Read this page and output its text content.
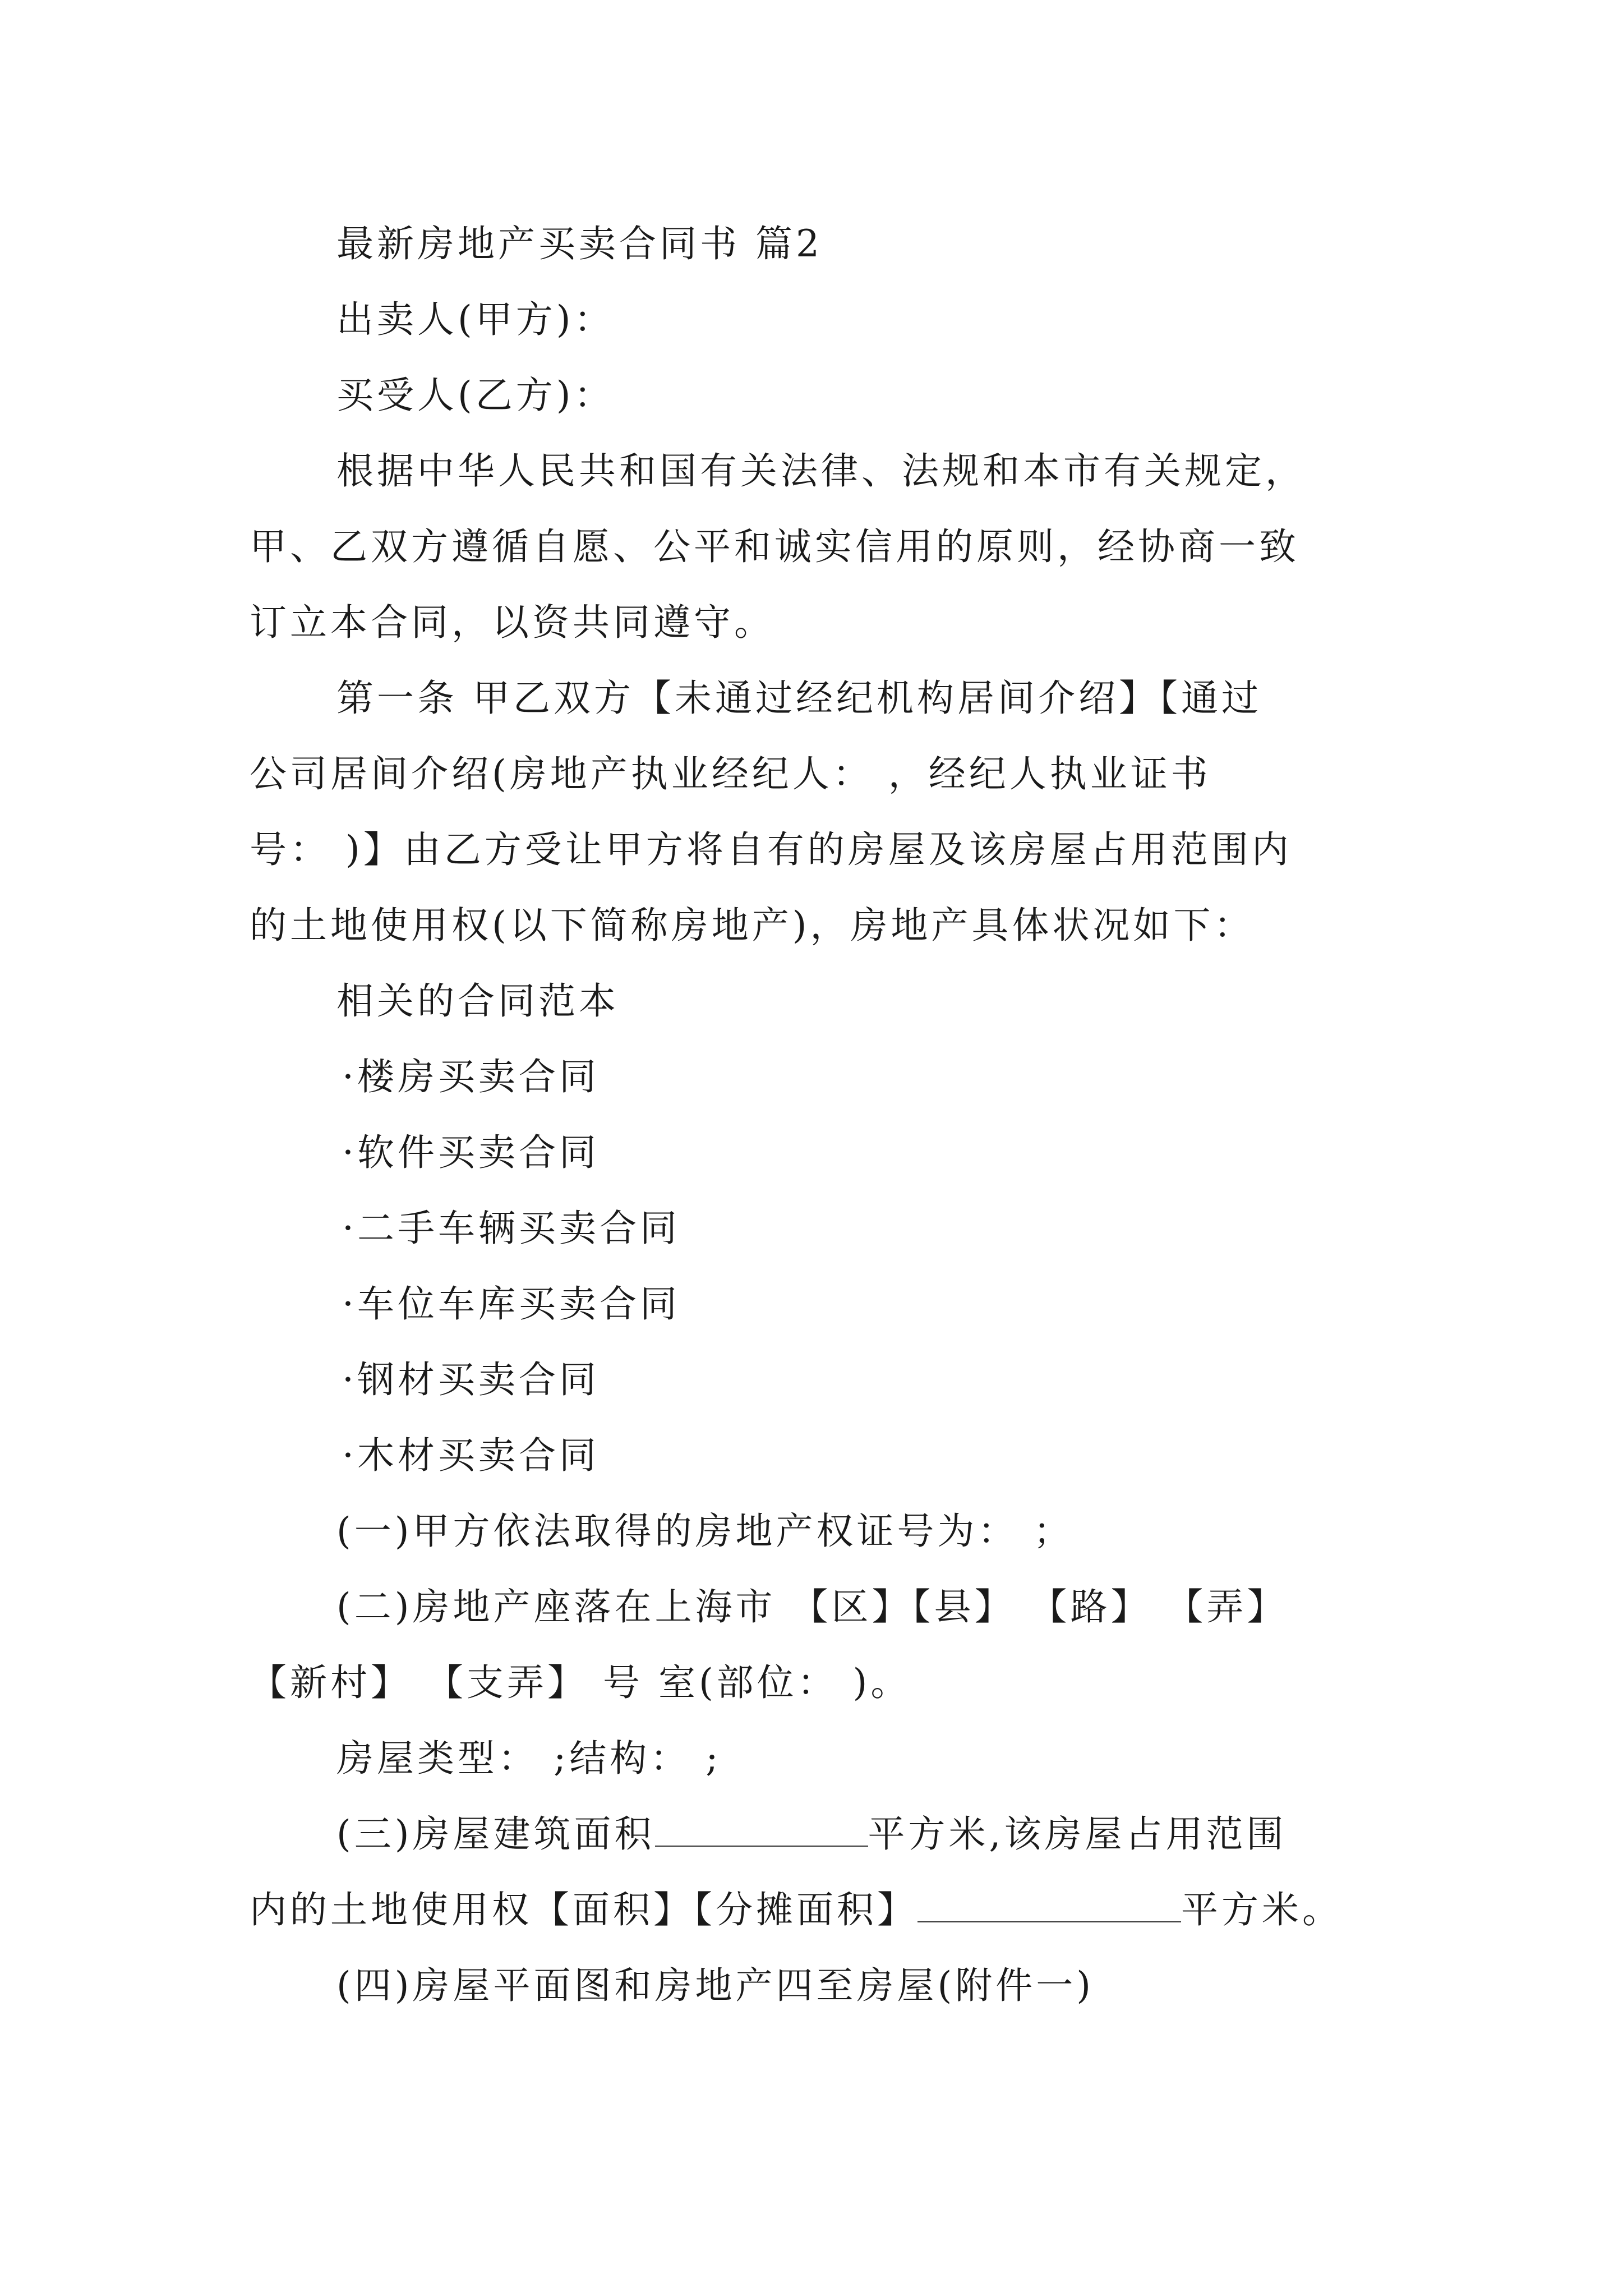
最新房地产买卖合同书 篇2
出卖人(甲方)：
买受人(乙方)：
根据中华人民共和国有关法律、法规和本市有关规定，
甲、乙双方遵循自愿、公平和诚实信用的原则，经协商一致
订立本合同，以资共同遵守。
第一条 甲乙双方【未通过经纪机构居间介绍】【通过
公司居间介绍(房地产执业经纪人： ，经纪人执业证书
号： )】由乙方受让甲方将自有的房屋及该房屋占用范围内
的土地使用权(以下简称房地产)，房地产具体状况如下：
相关的合同范本
·楼房买卖合同
·软件买卖合同
·二手车辆买卖合同
·车位车库买卖合同
·钢材买卖合同
·木材买卖合同
(一)甲方依法取得的房地产权证号为： ；
(二)房地产座落在上海市 【区】【县】 【路】 【弄】
【新村】 【支弄】 号 室(部位： )。
房屋类型： ;结构： ;
(三)房屋建筑面积	平方米,该房屋占用范围
内的土地使用权【面积】【分摊面积】	平方米。
(四)房屋平面图和房地产四至房屋(附件一)
